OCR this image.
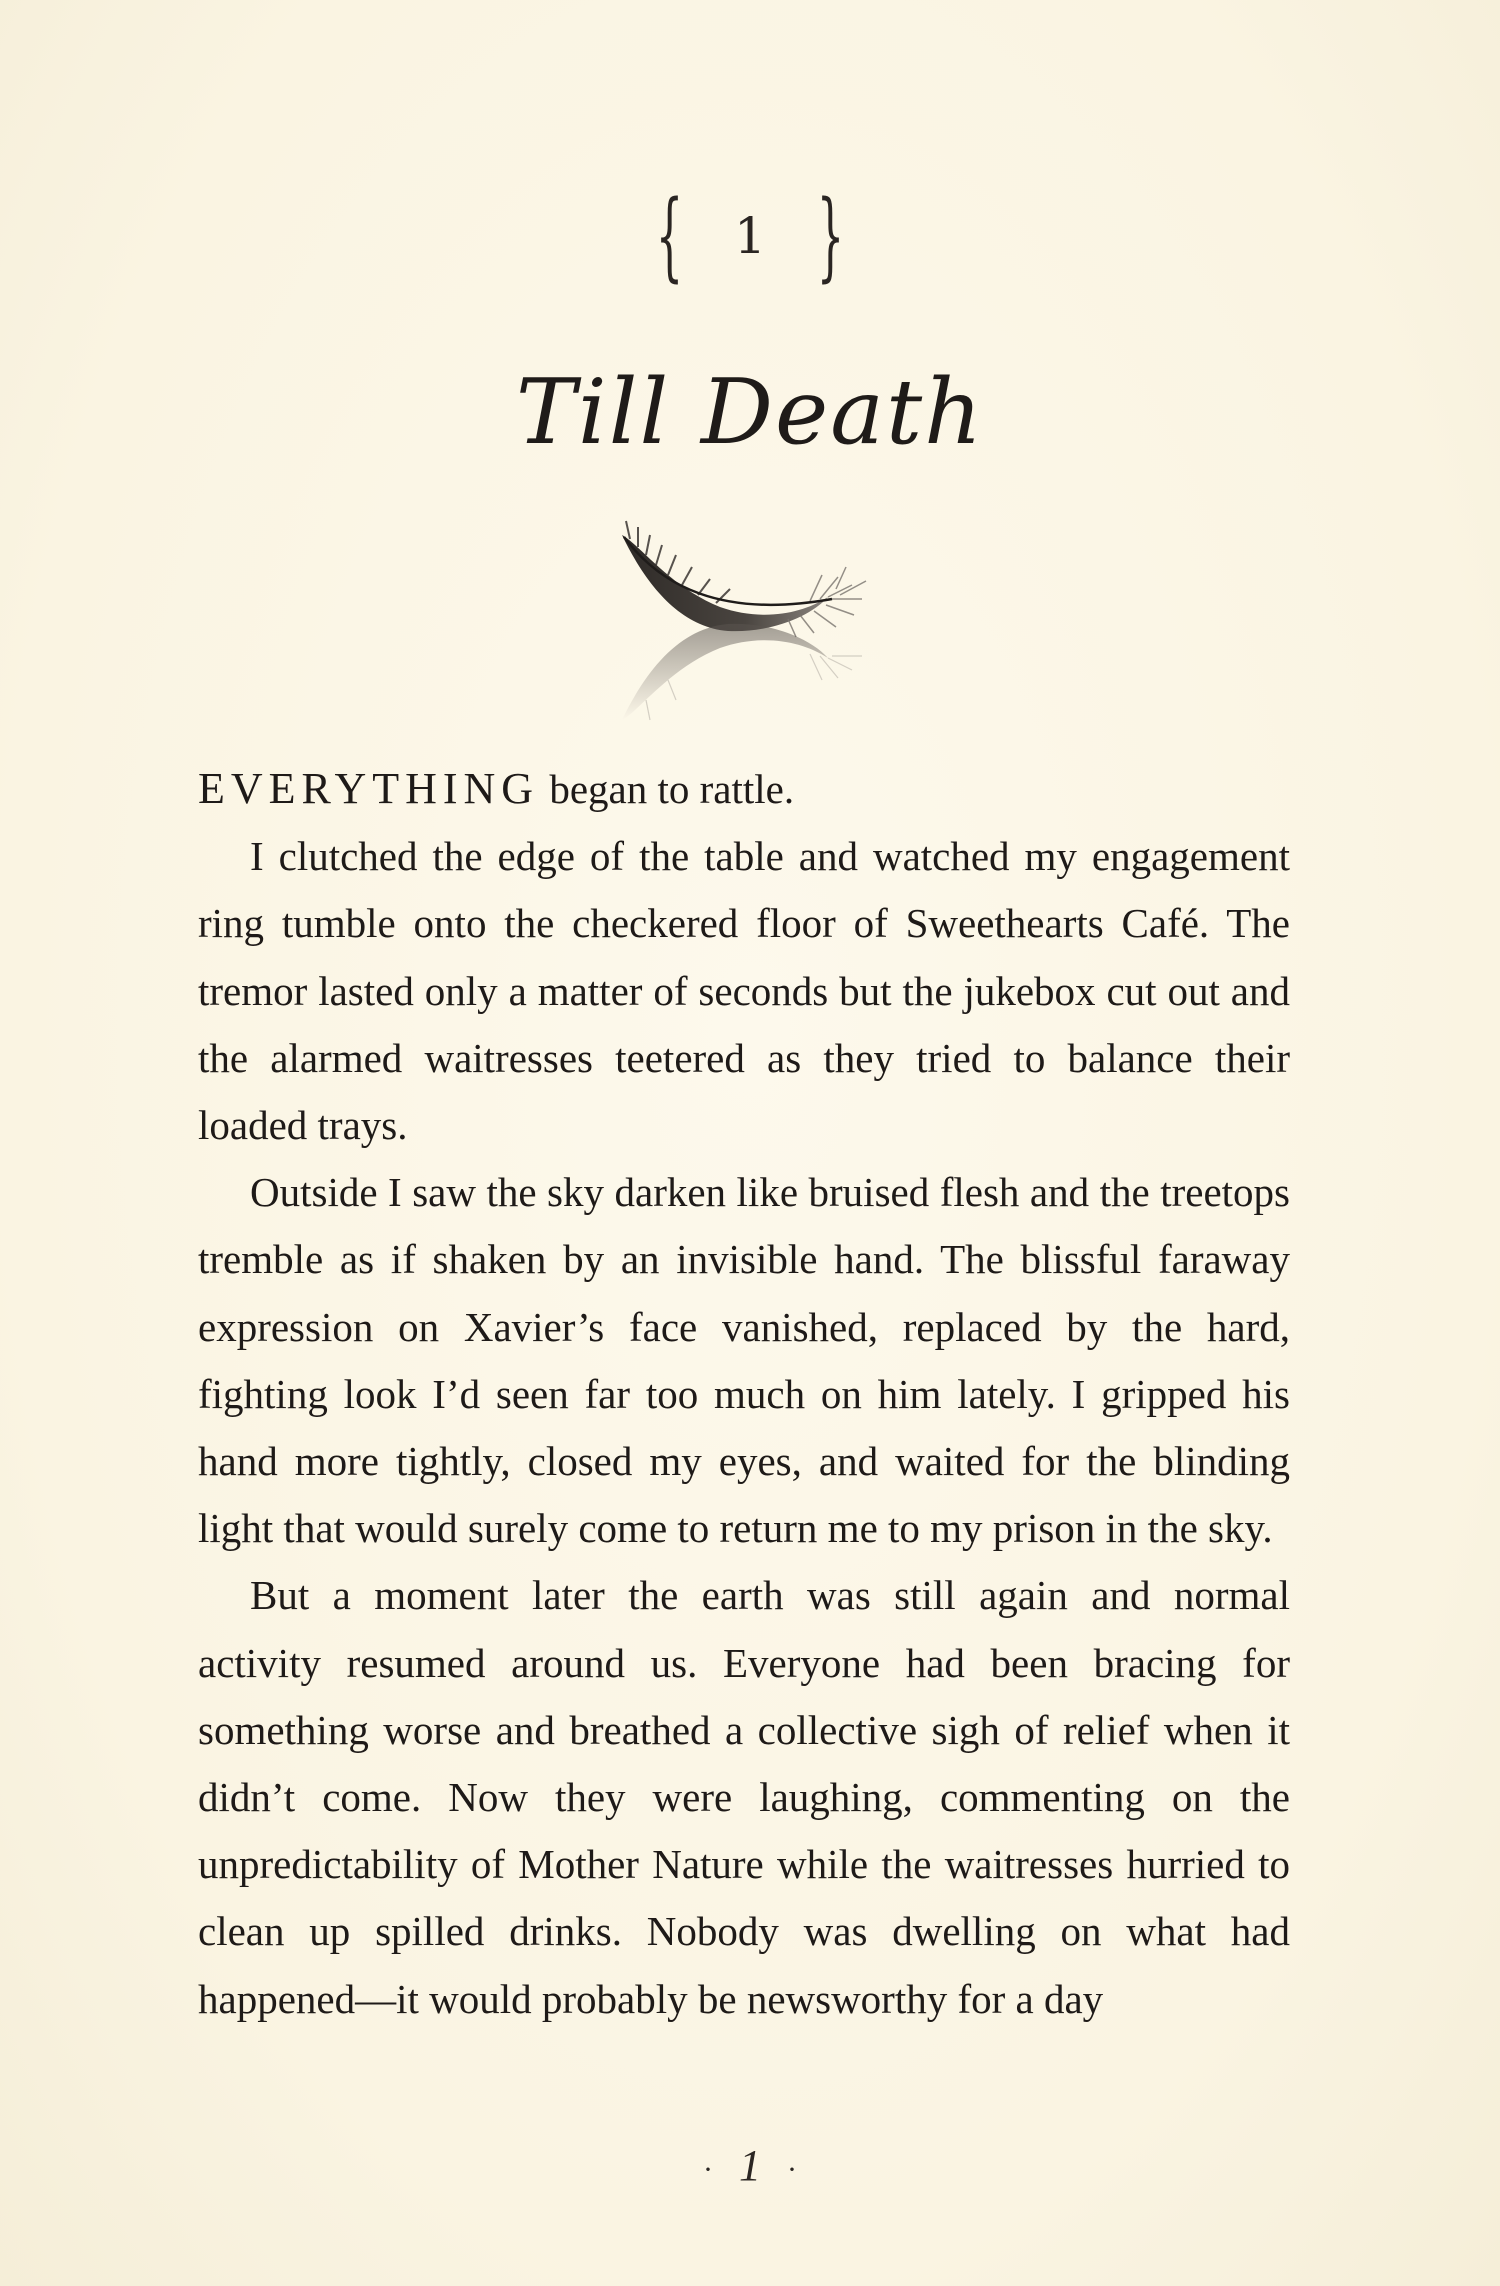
{ 1 }
Till Death

EVERYTHING began to rattle.

I clutched the edge of the table and watched my engagement ring tumble onto the checkered floor of Sweethearts Café. The tremor lasted only a matter of seconds but the jukebox cut out and the alarmed waitresses teetered as they tried to balance their loaded trays.

Outside I saw the sky darken like bruised flesh and the treetops tremble as if shaken by an invisible hand. The blissful faraway expression on Xavier’s face vanished, replaced by the hard, fighting look I’d seen far too much on him lately. I gripped his hand more tightly, closed my eyes, and waited for the blinding light that would surely come to return me to my prison in the sky.

But a moment later the earth was still again and normal activity resumed around us. Everyone had been bracing for something worse and breathed a collective sigh of relief when it didn’t come. Now they were laughing, commenting on the unpredictability of Mother Nature while the waitresses hurried to clean up spilled drinks. Nobody was dwelling on what had happened—it would probably be newsworthy for a day

· 1 ·
